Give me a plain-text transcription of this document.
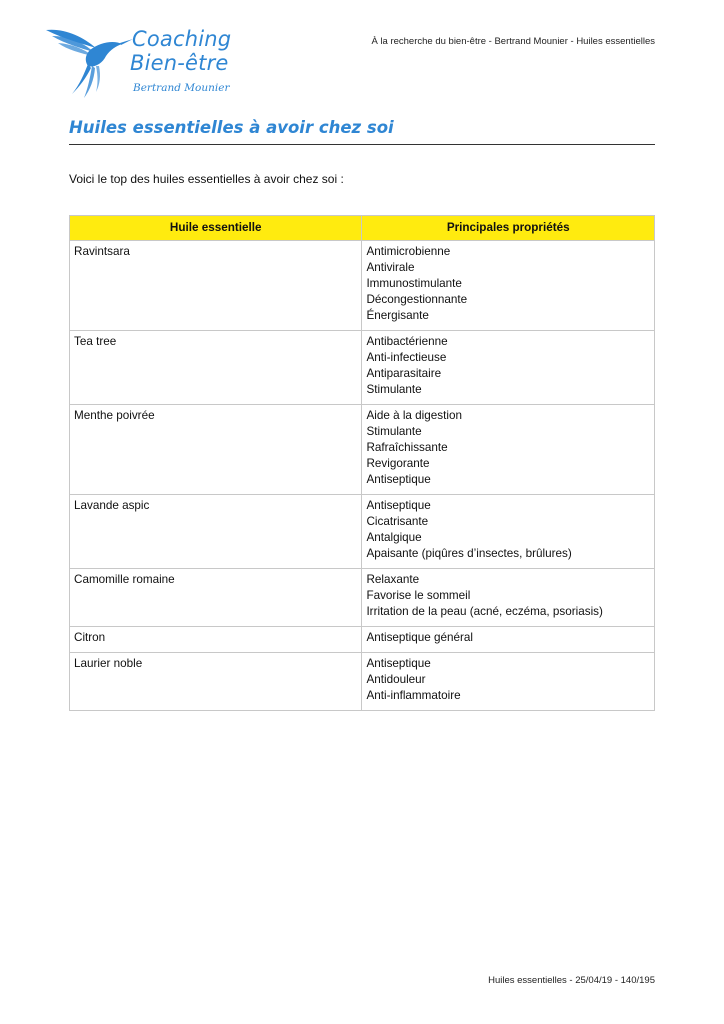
Coaching
Bien-être
Bertrand Mounier
À la recherche du bien-être - Bertrand Mounier - Huiles essentielles
Huiles essentielles à avoir chez soi
Voici le top des huiles essentielles à avoir chez soi :
Huile essentielle	Principales propriétés
Ravintsara	Antimicrobienne
Antivirale
Immunostimulante
Décongestionnante
Énergisante

Tea tree	Antibactérienne
Anti-infectieuse
Antiparasitaire
Stimulante

Menthe poivrée	Aide à la digestion
Stimulante
Rafraîchissante
Revigorante
Antiseptique

Lavande aspic	Antiseptique
Cicatrisante
Antalgique
Apaisante (piqûres d’insectes, brûlures)

Camomille romaine	Relaxante
Favorise le sommeil
Irritation de la peau (acné, eczéma, psoriasis)

Citron	Antiseptique général

Laurier noble	Antiseptique
Antidouleur
Anti-inflammatoire
Huiles essentielles - 25/04/19 - 140/195
